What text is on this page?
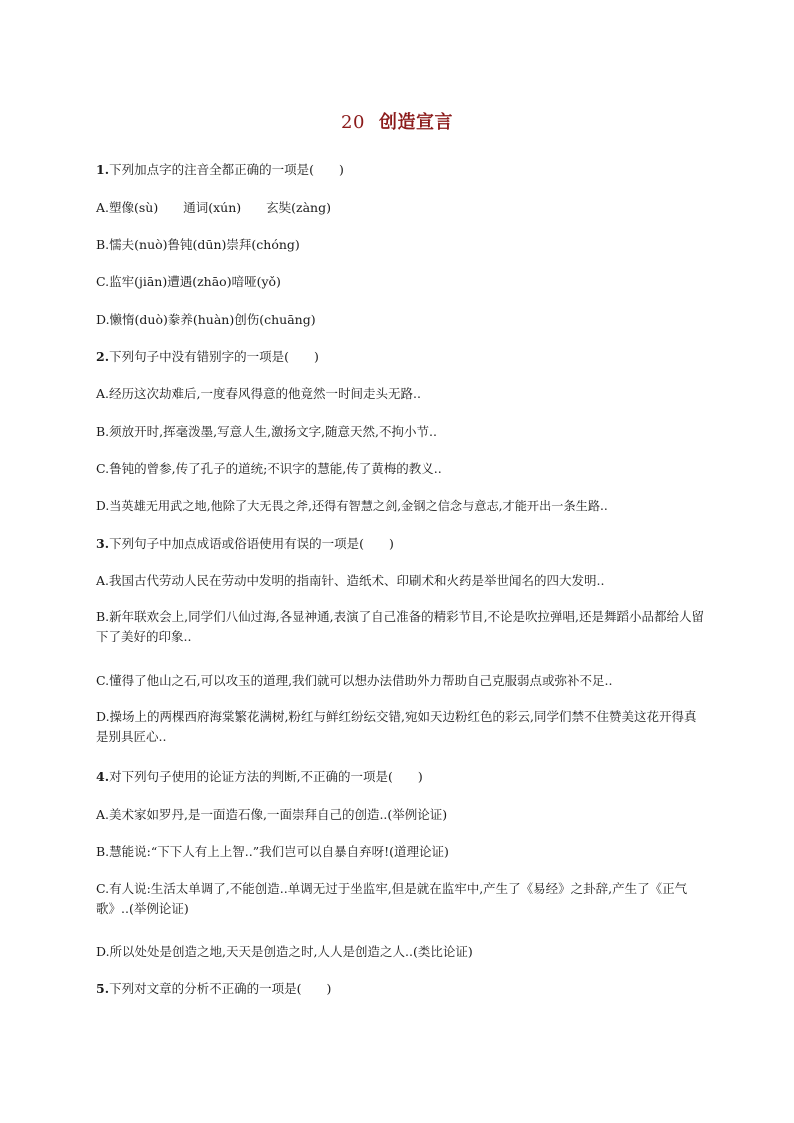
20 创造宣言
1.下列加点字的注音全都正确的一项是(　　)
A.塑像(sù)　　通词(xún)　　玄奘(zàng)
B.懦夫(nuò)鲁钝(dūn)崇拜(chóng)
C.监牢(jiān)遭遇(zhāo)喑哑(yǒ)
D.懒惰(duò)豢养(huàn)创伤(chuāng)
2.下列句子中没有错别字的一项是(　　)
A.经历这次劫难后,一度春风得意的他竟然一时间走头无路..
B.须放开时,挥毫泼墨,写意人生,激扬文字,随意天然,不拘小节..
C.鲁钝的曾参,传了孔子的道统;不识字的慧能,传了黄梅的教义..
D.当英雄无用武之地,他除了大无畏之斧,还得有智慧之剑,金钢之信念与意志,才能开出一条生路..
3.下列句子中加点成语或俗语使用有误的一项是(　　)
A.我国古代劳动人民在劳动中发明的指南针、造纸术、印刷术和火药是举世闻名的四大发明..
B.新年联欢会上,同学们八仙过海,各显神通,表演了自己准备的精彩节目,不论是吹拉弹唱,还是舞蹈小品都给人留下了美好的印象..
C.懂得了他山之石,可以攻玉的道理,我们就可以想办法借助外力帮助自己克服弱点或弥补不足..
D.操场上的两棵西府海棠繁花满树,粉红与鲜红纷纭交错,宛如天边粉红色的彩云,同学们禁不住赞美这花开得真是别具匠心..
4.对下列句子使用的论证方法的判断,不正确的一项是(　　)
A.美术家如罗丹,是一面造石像,一面崇拜自己的创造..(举例论证)
B.慧能说:“下下人有上上智..”我们岂可以自暴自弃呀!(道理论证)
C.有人说:生活太单调了,不能创造..单调无过于坐监牢,但是就在监牢中,产生了《易经》之卦辞,产生了《正气歌》..(举例论证)
D.所以处处是创造之地,天天是创造之时,人人是创造之人..(类比论证)
5.下列对文章的分析不正确的一项是(　　)
